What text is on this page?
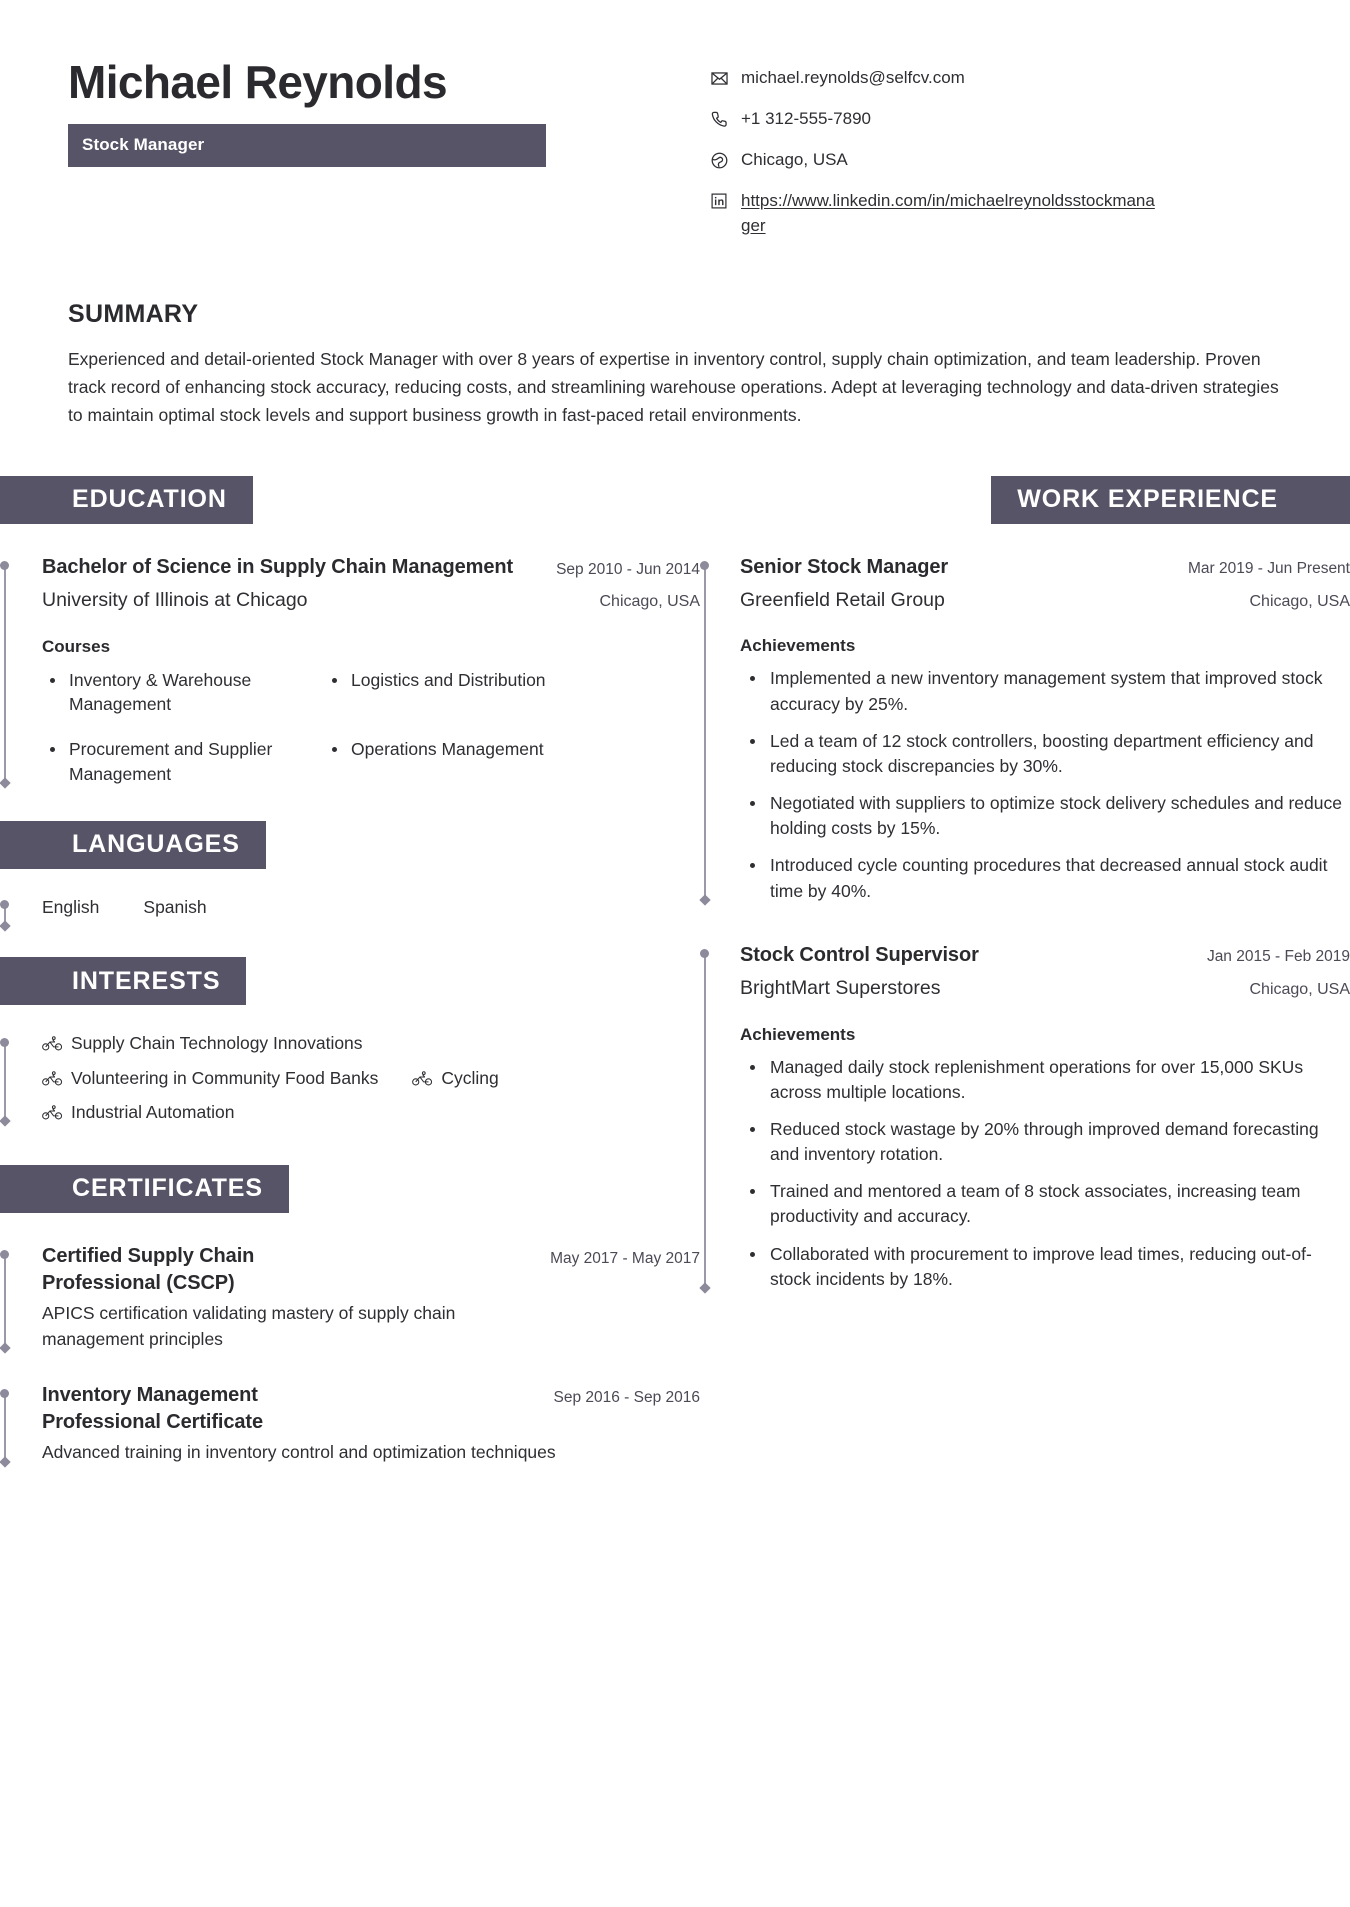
Michael Reynolds
Stock Manager
michael.reynolds@selfcv.com
+1 312-555-7890
Chicago, USA
https://www.linkedin.com/in/michaelreynoldsstockmanager
SUMMARY
Experienced and detail-oriented Stock Manager with over 8 years of expertise in inventory control, supply chain optimization, and team leadership. Proven track record of enhancing stock accuracy, reducing costs, and streamlining warehouse operations. Adept at leveraging technology and data-driven strategies to maintain optimal stock levels and support business growth in fast-paced retail environments.
EDUCATION
Bachelor of Science in Supply Chain Management	Sep 2010 - Jun 2014
University of Illinois at Chicago	Chicago, USA
Courses
Inventory & Warehouse Management
Logistics and Distribution
Procurement and Supplier Management
Operations Management
LANGUAGES
English	Spanish
INTERESTS
Supply Chain Technology Innovations
Volunteering in Community Food Banks	Cycling
Industrial Automation
CERTIFICATES
Certified Supply Chain Professional (CSCP)
May 2017 - May 2017
APICS certification validating mastery of supply chain management principles
Inventory Management Professional Certificate
Sep 2016 - Sep 2016
Advanced training in inventory control and optimization techniques
WORK EXPERIENCE
Senior Stock Manager	Mar 2019 - Jun Present
Greenfield Retail Group	Chicago, USA
Achievements
Implemented a new inventory management system that improved stock accuracy by 25%.
Led a team of 12 stock controllers, boosting department efficiency and reducing stock discrepancies by 30%.
Negotiated with suppliers to optimize stock delivery schedules and reduce holding costs by 15%.
Introduced cycle counting procedures that decreased annual stock audit time by 40%.
Stock Control Supervisor	Jan 2015 - Feb 2019
BrightMart Superstores	Chicago, USA
Achievements
Managed daily stock replenishment operations for over 15,000 SKUs across multiple locations.
Reduced stock wastage by 20% through improved demand forecasting and inventory rotation.
Trained and mentored a team of 8 stock associates, increasing team productivity and accuracy.
Collaborated with procurement to improve lead times, reducing out-of-stock incidents by 18%.
